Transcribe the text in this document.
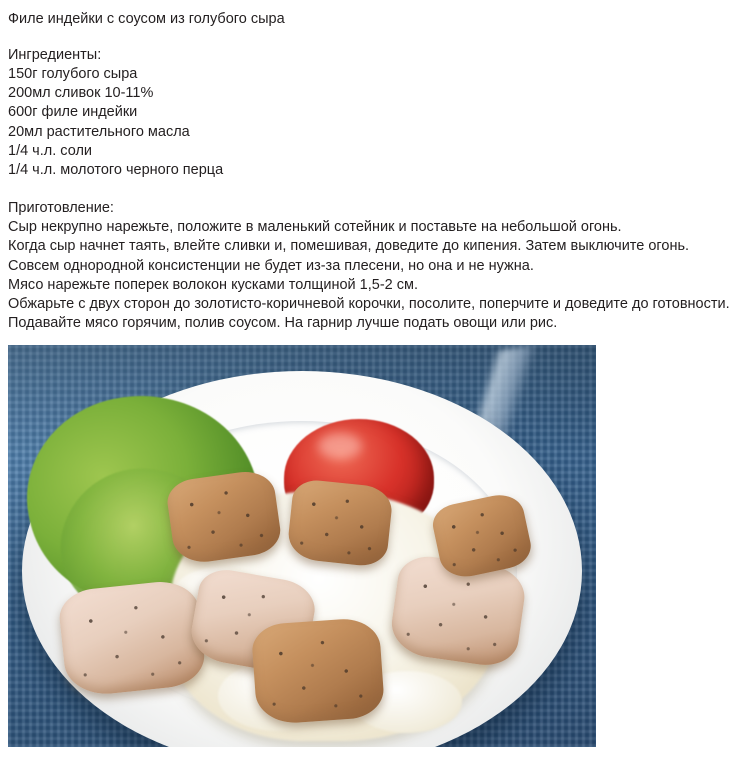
Филе индейки с соусом из голубого сыра

Ингредиенты:

150г голубого сыра
200мл сливок 10-11%
600г филе индейки
20мл растительного масла
1/4 ч.л. соли
1/4 ч.л. молотого черного перца

Приготовление:

Сыр некрупно нарежьте, положите в маленький сотейник и поставьте на небольшой огонь.
Когда сыр начнет таять, влейте сливки и, помешивая, доведите до кипения. Затем выключите огонь.
Совсем однородной консистенции не будет из-за плесени, но она и не нужна.
Мясо нарежьте поперек волокон кусками толщиной 1,5-2 см.
Обжарьте с двух сторон до золотисто-коричневой корочки, посолите, поперчите и доведите до готовности.
Подавайте мясо горячим, полив соусом. На гарнир лучше подать овощи или рис.
